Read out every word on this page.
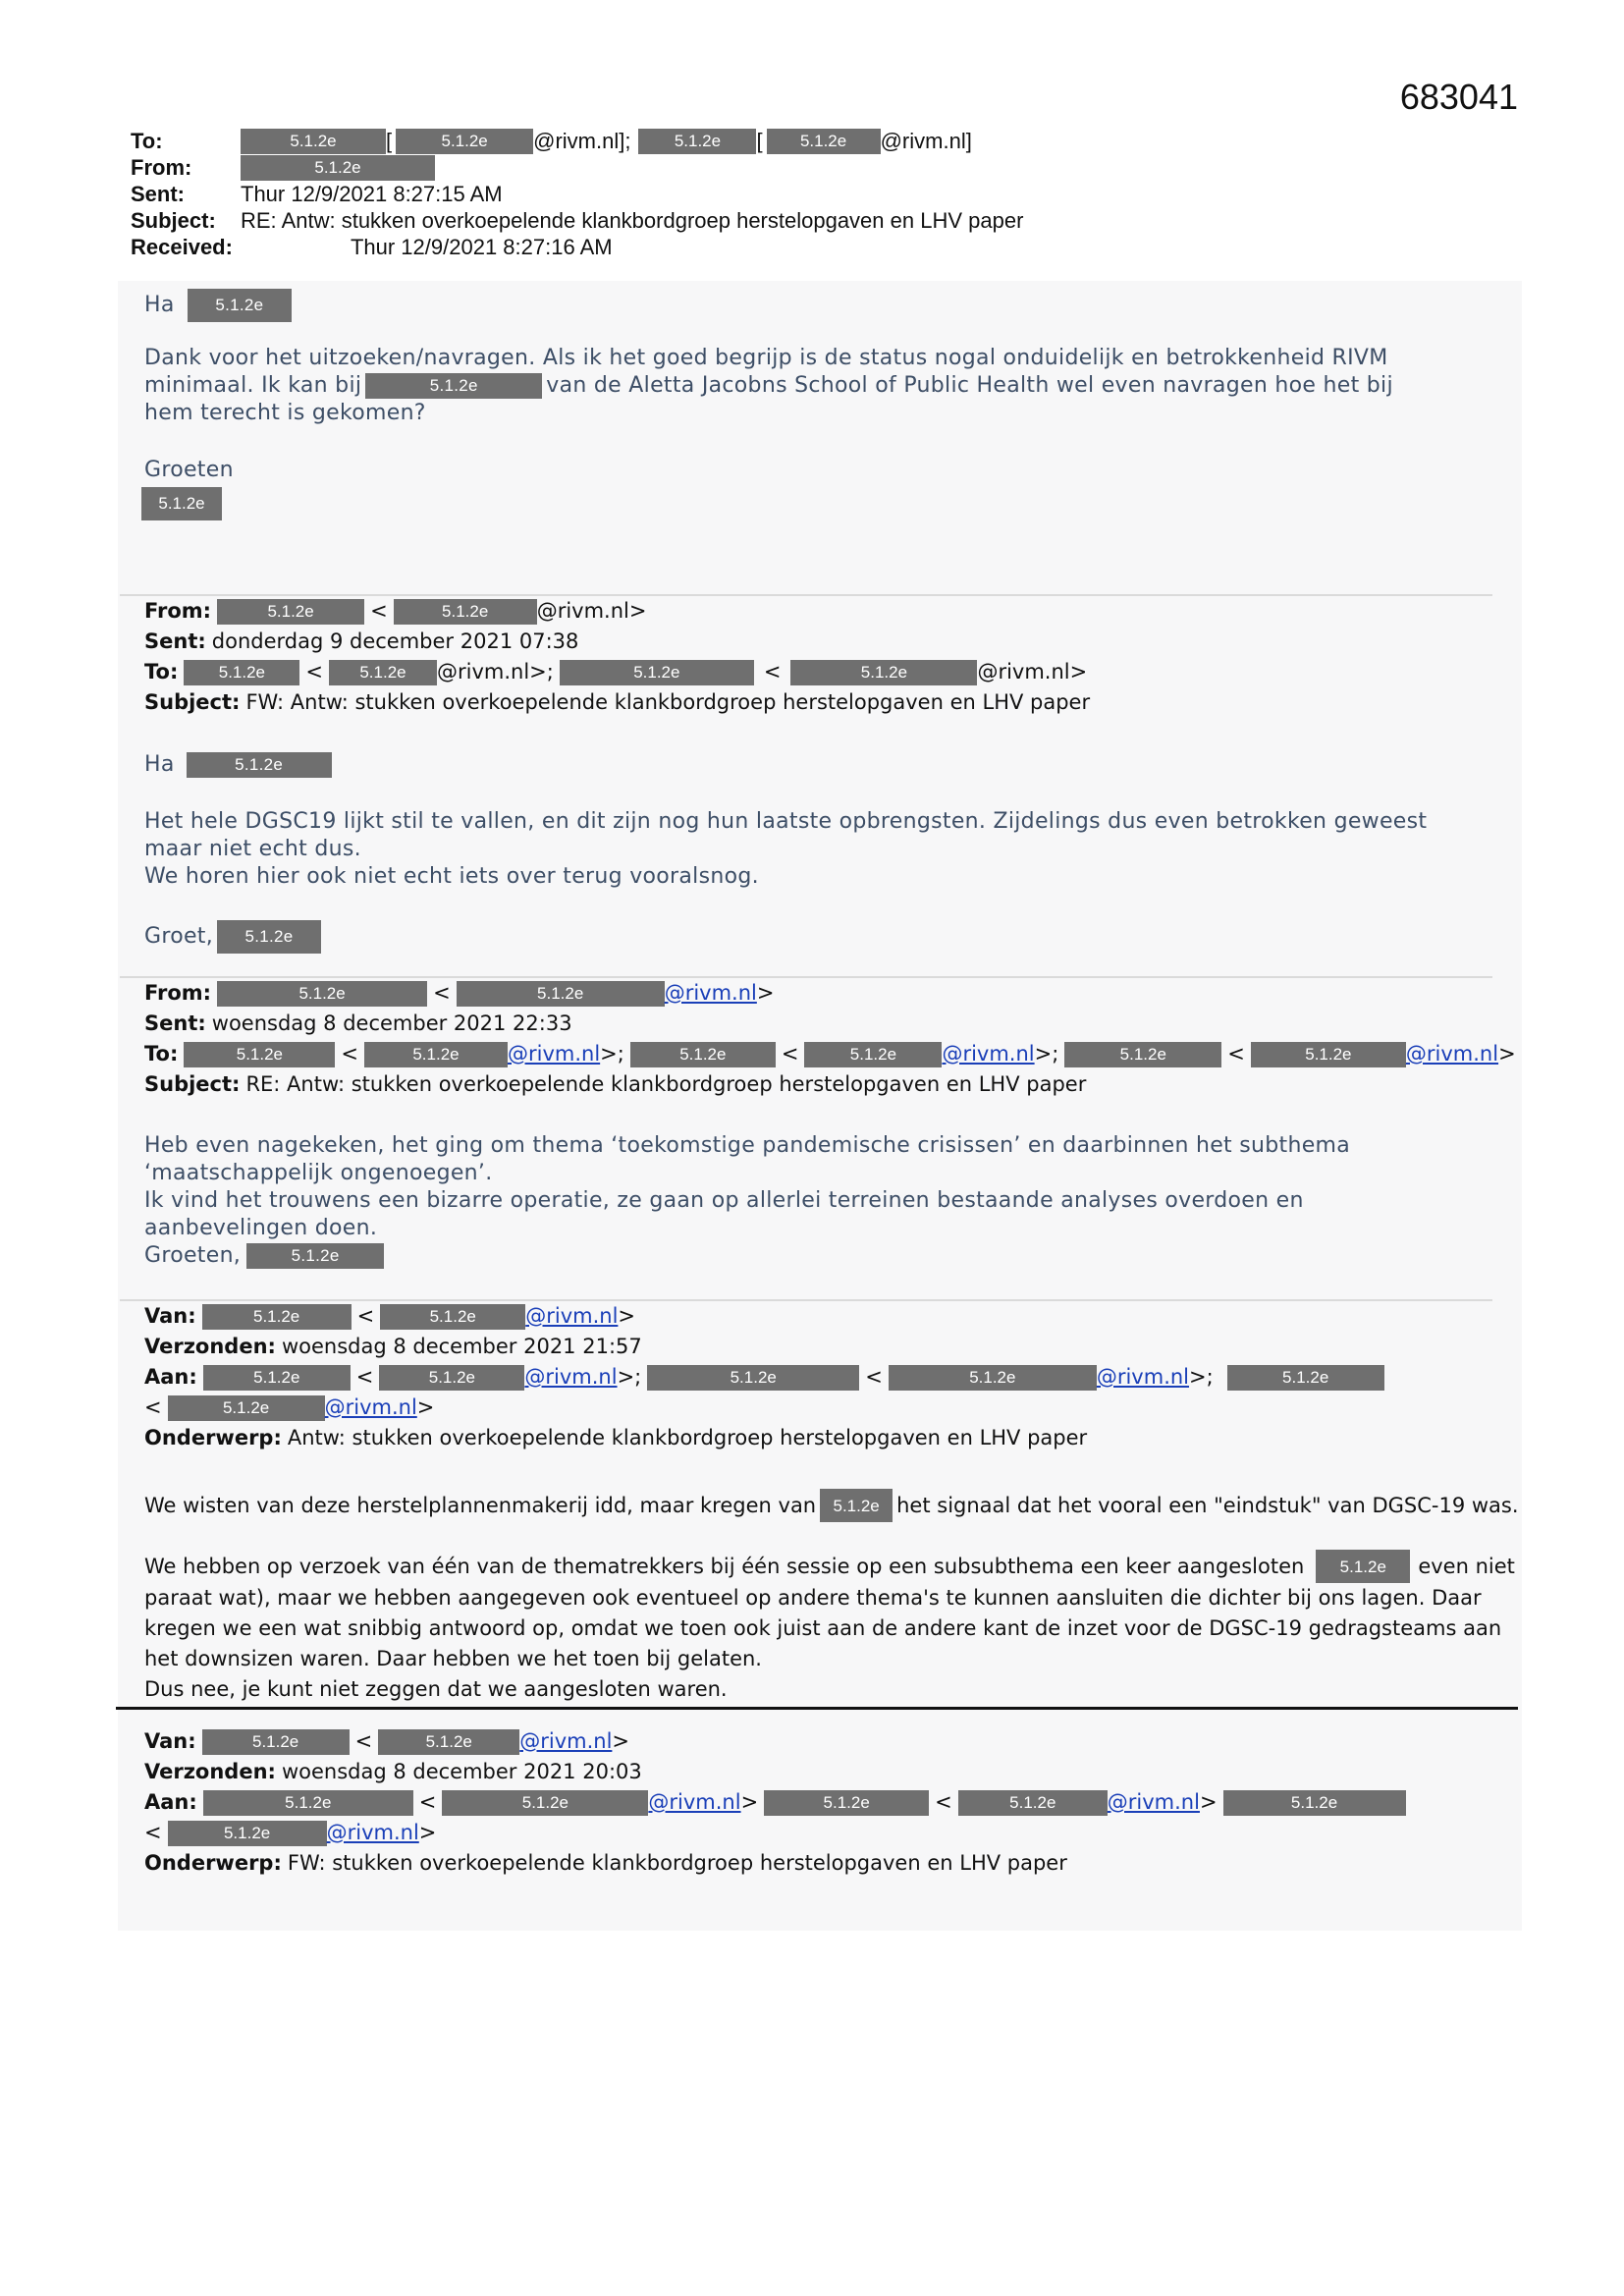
683041
To:	5.1.2e	[	5.1.2e	@rivm.nl];	5.1.2e	[	5.1.2e	@rivm.nl]
From:	5.1.2e
Sent:	Thur 12/9/2021 8:27:15 AM
Subject:	RE: Antw: stukken overkoepelende klankbordgroep herstelopgaven en LHV paper
Received:	Thur 12/9/2021 8:27:16 AM
Ha 5.1.2e
Dank voor het uitzoeken/navragen. Als ik het goed begrijp is de status nogal onduidelijk en betrokkenheid RIVM
minimaal. Ik kan bij	5.1.2e	van de Aletta Jacobns School of Public Health wel even navragen hoe het bij
hem terecht is gekomen?
Groeten
5.1.2e
From:	5.1.2e	<	5.1.2e	@rivm.nl>
Sent: donderdag 9 december 2021 07:38
To:	5.1.2e	<	5.1.2e	@rivm.nl>;	5.1.2e	<	5.1.2e	@rivm.nl>
Subject: FW: Antw: stukken overkoepelende klankbordgroep herstelopgaven en LHV paper
Ha	5.1.2e
Het hele DGSC19 lijkt stil te vallen, en dit zijn nog hun laatste opbrengsten. Zijdelings dus even betrokken geweest
maar niet echt dus.
We horen hier ook niet echt iets over terug vooralsnog.
Groet,	5.1.2e
From:	5.1.2e	<	5.1.2e	@rivm.nl >
Sent: woensdag 8 december 2021 22:33
To:	5.1.2e	<	5.1.2e	@rivm.nl >;	5.1.2e	<	5.1.2e	@rivm.nl >;	5.1.2e	<	5.1.2e	@rivm.nl >
Subject: RE: Antw: stukken overkoepelende klankbordgroep herstelopgaven en LHV paper
Heb even nagekeken, het ging om thema ‘toekomstige pandemische crisissen’ en daarbinnen het subthema
‘maatschappelijk ongenoegen’.
Ik vind het trouwens een bizarre operatie, ze gaan op allerlei terreinen bestaande analyses overdoen en
aanbevelingen doen.
Groeten,	5.1.2e
Van:	5.1.2e	<	5.1.2e	@rivm.nl >
Verzonden: woensdag 8 december 2021 21:57
Aan:	5.1.2e	<	5.1.2e	@rivm.nl >;	5.1.2e	<	5.1.2e	@rivm.nl >;	5.1.2e
<	5.1.2e	@rivm.nl >
Onderwerp: Antw: stukken overkoepelende klankbordgroep herstelopgaven en LHV paper
We wisten van deze herstelplannenmakerij idd, maar kregen van	5.1.2e het signaal dat het vooral een "eindstuk" van DGSC-19 was.
We hebben op verzoek van één van de thematrekkers bij één sessie op een subsubthema een keer aangesloten	5.1.2e	even niet
paraat wat), maar we hebben aangegeven ook eventueel op andere thema's te kunnen aansluiten die dichter bij ons lagen. Daar
kregen we een wat snibbig antwoord op, omdat we toen ook juist aan de andere kant de inzet voor de DGSC-19 gedragsteams aan
het downsizen waren. Daar hebben we het toen bij gelaten.
Dus nee, je kunt niet zeggen dat we aangesloten waren.
Van:	5.1.2e	<	5.1.2e	@rivm.nl >
Verzonden: woensdag 8 december 2021 20:03
Aan:	5.1.2e	<	5.1.2e	@rivm.nl >	5.1.2e	<	5.1.2e	@rivm.nl >	5.1.2e
<	5.1.2e	@rivm.nl >
Onderwerp: FW: stukken overkoepelende klankbordgroep herstelopgaven en LHV paper
